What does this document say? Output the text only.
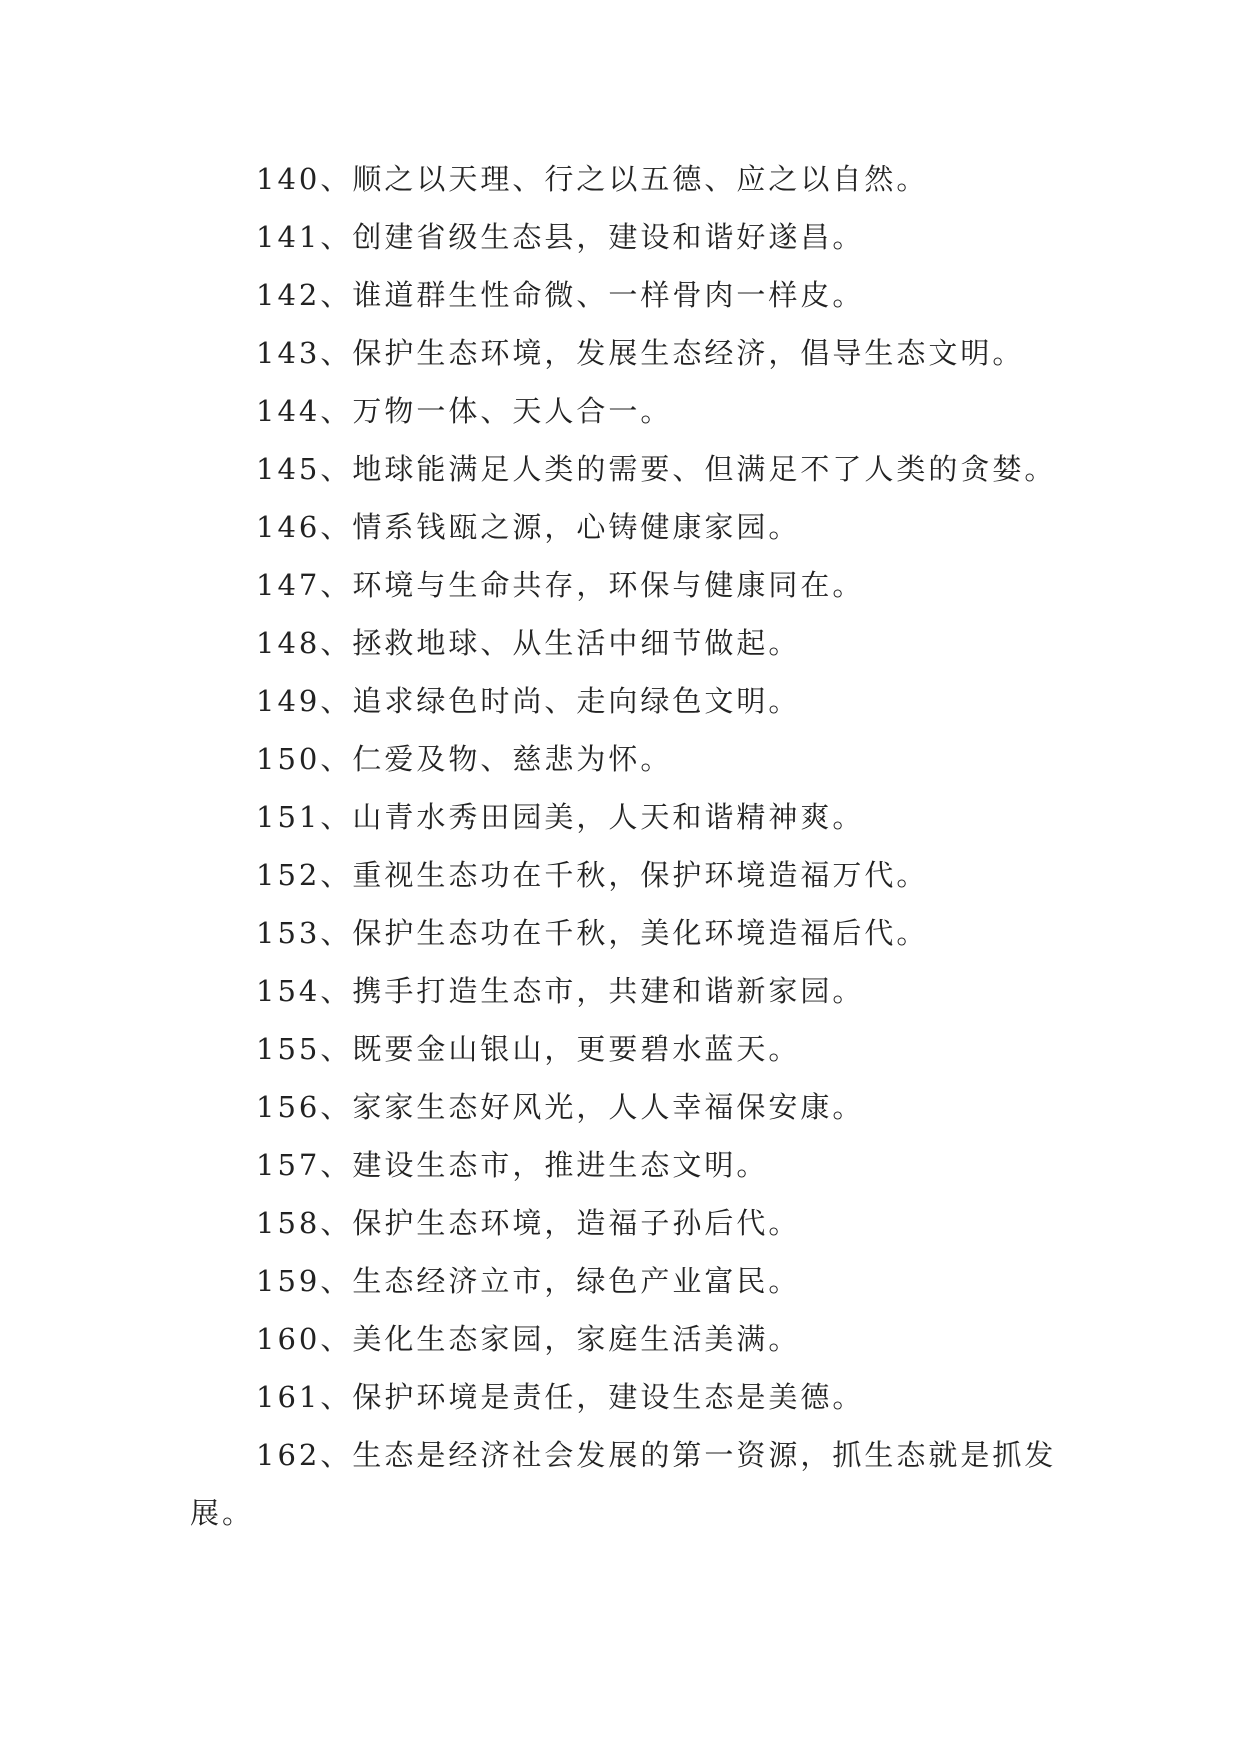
140、顺之以天理、行之以五德、应之以自然。
141、创建省级生态县，建设和谐好遂昌。
142、谁道群生性命微、一样骨肉一样皮。
143、保护生态环境，发展生态经济，倡导生态文明。
144、万物一体、天人合一。
145、地球能满足人类的需要、但满足不了人类的贪婪。
146、情系钱瓯之源，心铸健康家园。
147、环境与生命共存，环保与健康同在。
148、拯救地球、从生活中细节做起。
149、追求绿色时尚、走向绿色文明。
150、仁爱及物、慈悲为怀。
151、山青水秀田园美，人天和谐精神爽。
152、重视生态功在千秋，保护环境造福万代。
153、保护生态功在千秋，美化环境造福后代。
154、携手打造生态市，共建和谐新家园。
155、既要金山银山，更要碧水蓝天。
156、家家生态好风光，人人幸福保安康。
157、建设生态市，推进生态文明。
158、保护生态环境，造福子孙后代。
159、生态经济立市，绿色产业富民。
160、美化生态家园，家庭生活美满。
161、保护环境是责任，建设生态是美德。
162、生态是经济社会发展的第一资源，抓生态就是抓发展。
